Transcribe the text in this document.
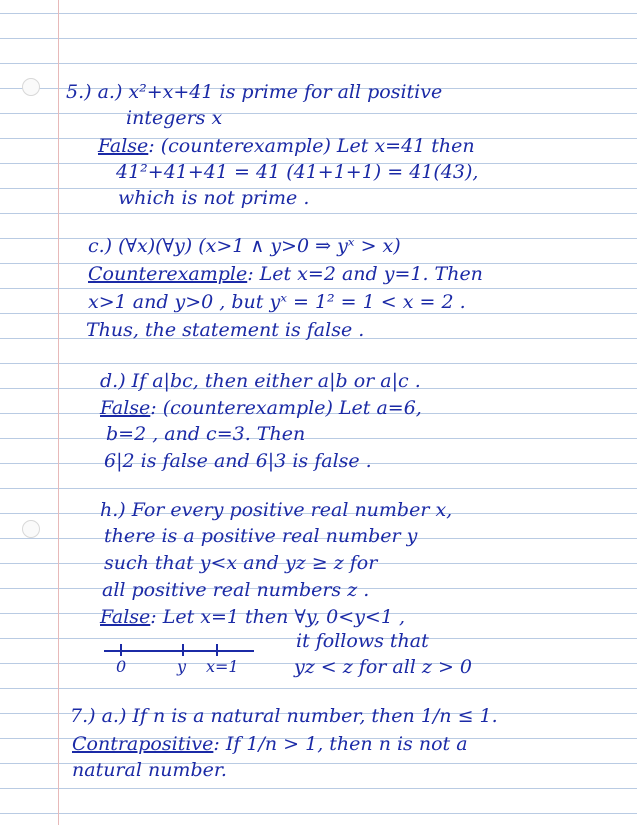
5.) a.) x²+x+41 is prime for all positive
integers x
False: (counterexample) Let x=41 then
41²+41+41 = 41 (41+1+1) = 41(43),
which is not prime .
c.) (∀x)(∀y) (x>1 ∧ y>0 ⇒ yˣ > x)
Counterexample: Let x=2 and y=1. Then
x>1 and y>0 , but yˣ = 1² = 1 < x = 2 .
Thus, the statement is false .
d.) If a|bc, then either a|b or a|c .
False: (counterexample) Let a=6,
b=2 , and c=3. Then
6|2 is false and 6|3 is false .
h.) For every positive real number x,
there is a positive real number y
such that y<x and yz ≥ z for
all positive real numbers z .
False: Let x=1 then ∀y, 0<y<1 ,
it follows that
yz < z for all z > 0
0	y x=1
7.) a.) If n is a natural number, then 1/n ≤ 1.
Contrapositive: If 1/n > 1, then n is not a
natural number.
